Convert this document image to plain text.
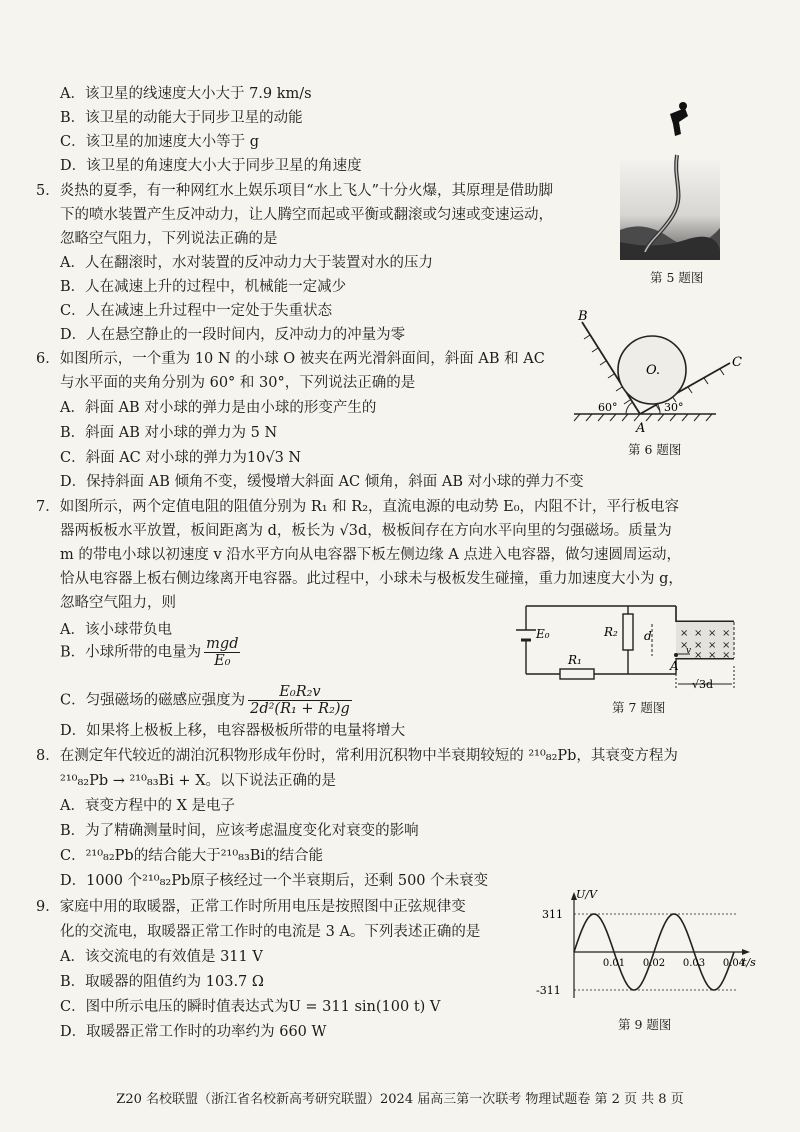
A．该卫星的线速度大小大于 7.9 km/s
B．该卫星的动能大于同步卫星的动能
C．该卫星的加速度大小等于 g
D．该卫星的角速度大小大于同步卫星的角速度
5．炎热的夏季，有一种网红水上娱乐项目“水上飞人”十分火爆，其原理是借助脚
下的喷水装置产生反冲动力，让人腾空而起或平衡或翻滚或匀速或变速运动，
忽略空气阻力，下列说法正确的是
A．人在翻滚时，水对装置的反冲动力大于装置对水的压力
B．人在减速上升的过程中，机械能一定减少
C．人在减速上升过程中一定处于失重状态
D．人在悬空静止的一段时间内，反冲动力的冲量为零
第 5 题图
6．如图所示，一个重为 10 N 的小球 O 被夹在两光滑斜面间，斜面 AB 和 AC
与水平面的夹角分别为 60° 和 30°，下列说法正确的是
A．斜面 AB 对小球的弹力是由小球的形变产生的
B．斜面 AB 对小球的弹力为 5 N
C．斜面 AC 对小球的弹力为10√3 N
D．保持斜面 AB 倾角不变，缓慢增大斜面 AC 倾角，斜面 AB 对小球的弹力不变
B
C
A
O.
60°	30°
第 6 题图
7．如图所示，两个定值电阻的阻值分别为 R₁ 和 R₂，直流电源的电动势 E₀，内阻不计，平行板电容
器两板板水平放置，板间距离为 d，板长为 √3d，极板间存在方向水平向里的匀强磁场。质量为
m 的带电小球以初速度 v 沿水平方向从电容器下板左侧边缘 A 点进入电容器，做匀速圆周运动，
恰从电容器上板右侧边缘离开电容器。此过程中，小球未与极板发生碰撞，重力加速度大小为 g，
忽略空气阻力，则
A．该小球带负电
B．小球所带的电量为 $\frac{\text{mgd}}{\text{E₀}}$
C．匀强磁场的磁感应强度为 $\frac{\text{E₀R₂v}}{\text{2d²(R₁ + R₂)g}}$
D．如果将上极板上移，电容器极板所带的电量将增大
× × × ×
× × × ×
× × ×
E₀	R₂
R₁
d
A
v
√3d
第 7 题图
8．在测定年代较近的湖泊沉积物形成年份时，常利用沉积物中半衰期较短的 ²¹⁰₈₂Pb，其衰变方程为
²¹⁰₈₂Pb → ²¹⁰₈₃Bi + X。以下说法正确的是
A．衰变方程中的 X 是电子
B．为了精确测量时间，应该考虑温度变化对衰变的影响
C．²¹⁰₈₂Pb的结合能大于²¹⁰₈₃Bi的结合能
D．1000 个²¹⁰₈₂Pb原子核经过一个半衰期后，还剩 500 个未衰变
9．家庭中用的取暖器，正常工作时所用电压是按照图中正弦规律变
化的交流电，取暖器正常工作时的电流是 3 A。下列表述正确的是
A．该交流电的有效值是 311 V
B．取暖器的阻值约为 103.7 Ω
C．图中所示电压的瞬时值表达式为U = 311 sin(100 t) V
D．取暖器正常工作时的功率约为 660 W
U/V
t/s
311
-311
0.01 0.02 0.03 0.04
第 9 题图
Z20 名校联盟（浙江省名校新高考研究联盟）2024 届高三第一次联考 物理试题卷 第 2 页 共 8 页
